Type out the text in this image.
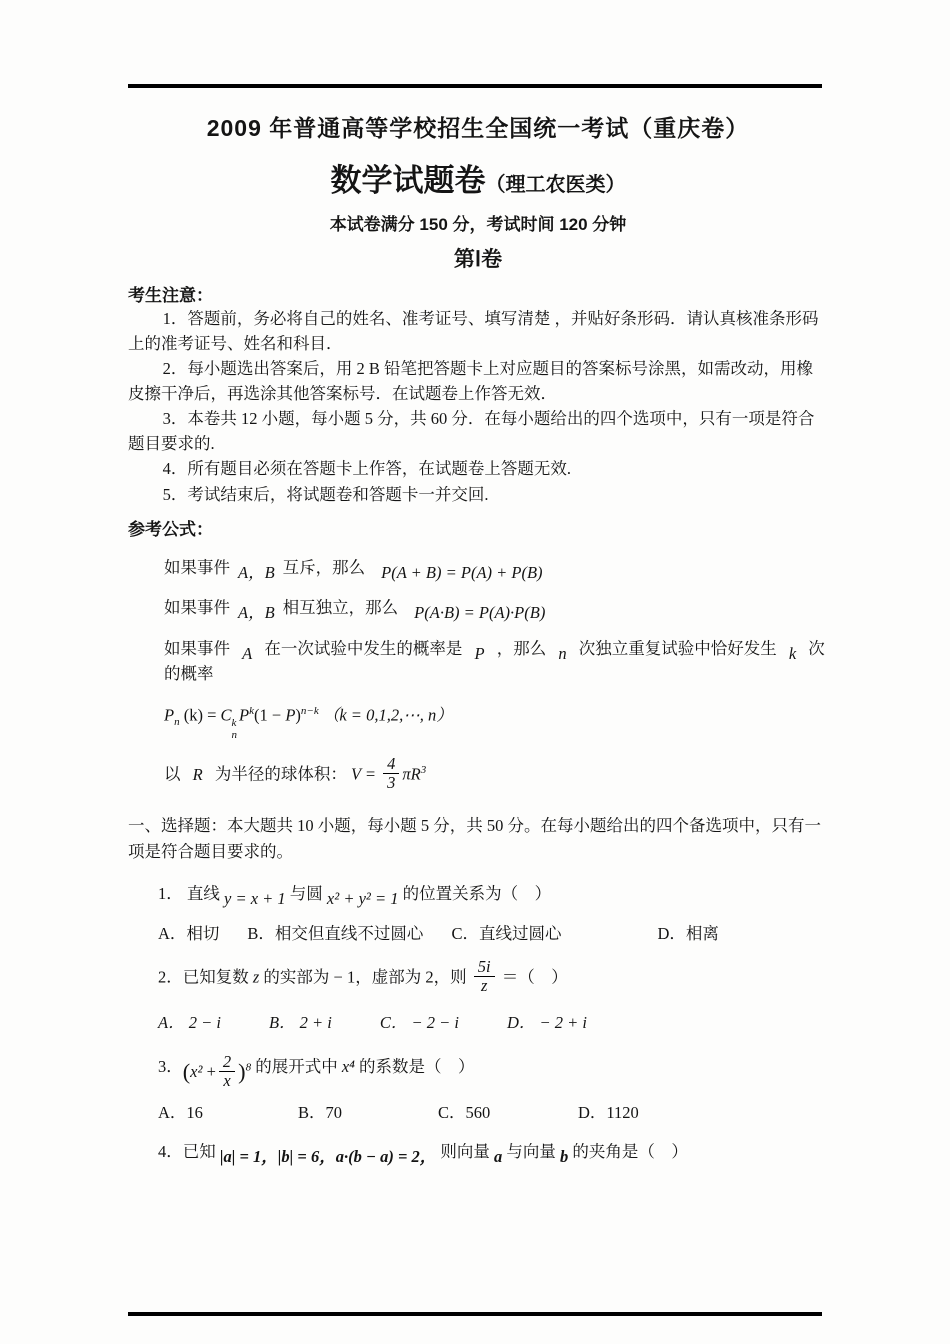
2009 年普通高等学校招生全国统一考试（重庆卷）
数学试题卷（理工农医类）
本试卷满分 150 分，考试时间 120 分钟
第Ⅰ卷
考生注意：

1．答题前，务必将自己的姓名、准考证号、填写清楚 ，并贴好条形码．请认真核准条形码上的准考证号、姓名和科目．

2．每小题选出答案后，用 2 B 铅笔把答题卡上对应题目的答案标号涂黑，如需改动，用橡皮擦干净后，再选涂其他答案标号．在试题卷上作答无效．

3．本卷共 12 小题，每小题 5 分，共 60 分．在每小题给出的四个选项中，只有一项是符合题目要求的.

4．所有题目必须在答题卡上作答，在试题卷上答题无效.

5．考试结束后，将试题卷和答题卡一并交回.

参考公式：

如果事件 A，B 互斥，那么 P(A + B) = P(A) + P(B)

如果事件 A，B 相互独立，那么 P(A·B) = P(A)·P(B)

如果事件 A 在一次试验中发生的概率是 P ，那么 n 次独立重复试验中恰好发生 k 次的概率

$P_n$ (k) = C k
n
$P^k(1 - P)^{n-k}$ （k = 0,1,2,⋯, n）

以 R 为半径的球体积： $V = \frac{4}{3} \pi R^3$

一、选择题：本大题共 10 小题，每小题 5 分，共 50 分。在每小题给出的四个备选项中，只有一项是符合题目要求的。

1． 直线 y = x + 1 与圆 x² + y² = 1 的位置关系为（　）

A．相切 B．相交但直线不过圆心 C．直线过圆心	D．相离

2．已知复数 z 的实部为 − 1，虚部为 2，则 $\frac{5i}{z}$ ＝（　）

A． 2 − i	B． 2 + i	C． − 2 − i	D． − 2 + i

3．$(x^2 + \frac{2}{x} )^8$ 的展开式中 x⁴ 的系数是（　）

A．16	B．70	C．560	D．1120

4．已知 |a| = 1，|b| = 6，a·(b − a) = 2， 则向量 a 与向量 b 的夹角是（　）
